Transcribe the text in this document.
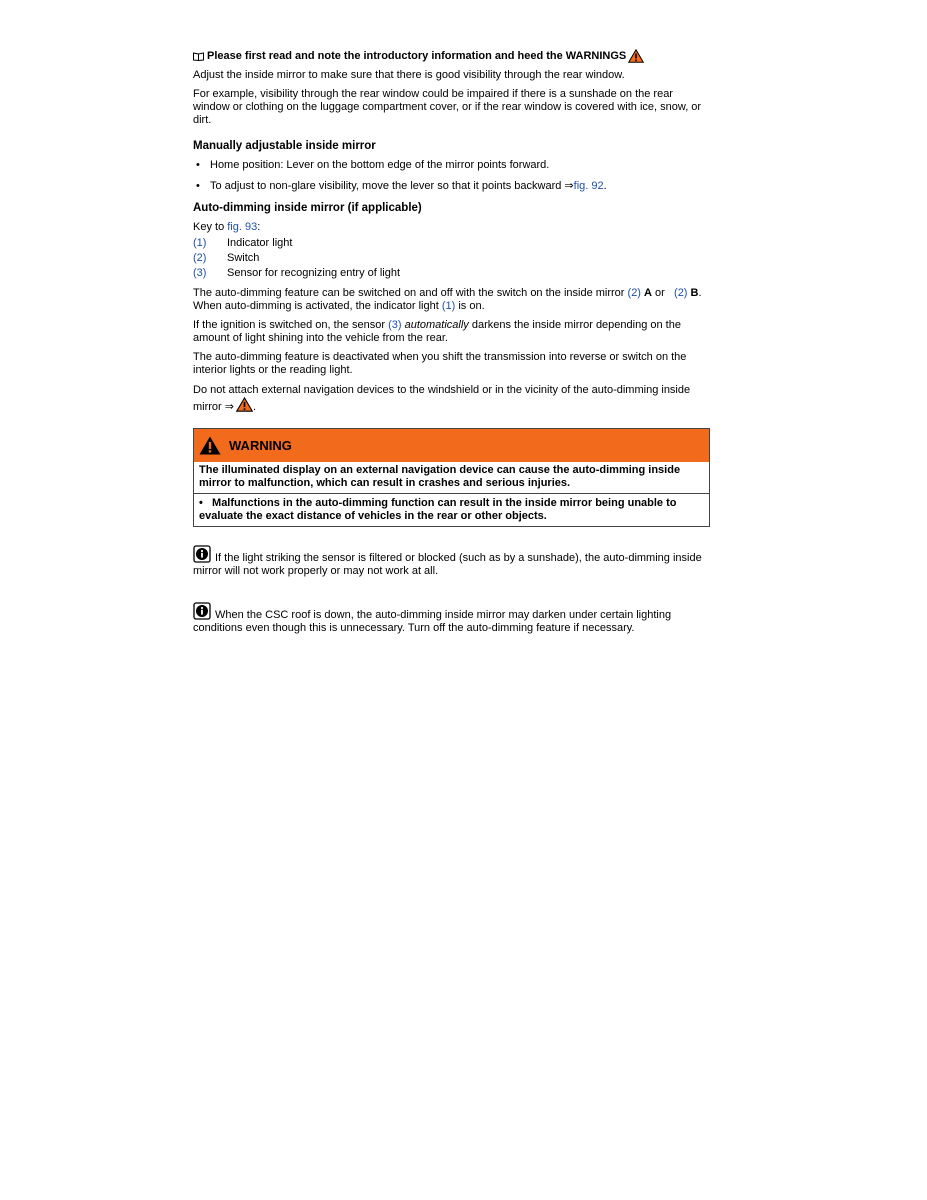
Please first read and note the introductory information and heed the WARNINGS

Adjust the inside mirror to make sure that there is good visibility through the rear window.

For example, visibility through the rear window could be impaired if there is a sunshade on the rear window or clothing on the luggage compartment cover, or if the rear window is covered with ice, snow, or dirt.

Manually adjustable inside mirror
• Home position: Lever on the bottom edge of the mirror points forward.
• To adjust to non-glare visibility, move the lever so that it points backward ⇒fig. 92.
Auto-dimming inside mirror (if applicable)

Key to fig. 93:

(1)	Indicator light
(2)	Switch
(3)	Sensor for recognizing entry of light

The auto-dimming feature can be switched on and off with the switch on the inside mirror (2) A or   (2) B. When auto-dimming is activated, the indicator light (1) is on.

If the ignition is switched on, the sensor (3) automatically darkens the inside mirror depending on the amount of light shining into the vehicle from the rear.

The auto-dimming feature is deactivated when you shift the transmission into reverse or switch on the interior lights or the reading light.

Do not attach external navigation devices to the windshield or in the vicinity of the auto-dimming inside mirror ⇒ .

WARNING

The illuminated display on an external navigation device can cause the auto-dimming inside mirror to malfunction, which can result in crashes and serious injuries.

• Malfunctions in the auto-dimming function can result in the inside mirror being unable to evaluate the exact distance of vehicles in the rear or other objects.

If the light striking the sensor is filtered or blocked (such as by a sunshade), the auto-dimming inside mirror will not work properly or may not work at all.

When the CSC roof is down, the auto-dimming inside mirror may darken under certain lighting conditions even though this is unnecessary. Turn off the auto-dimming feature if necessary.
